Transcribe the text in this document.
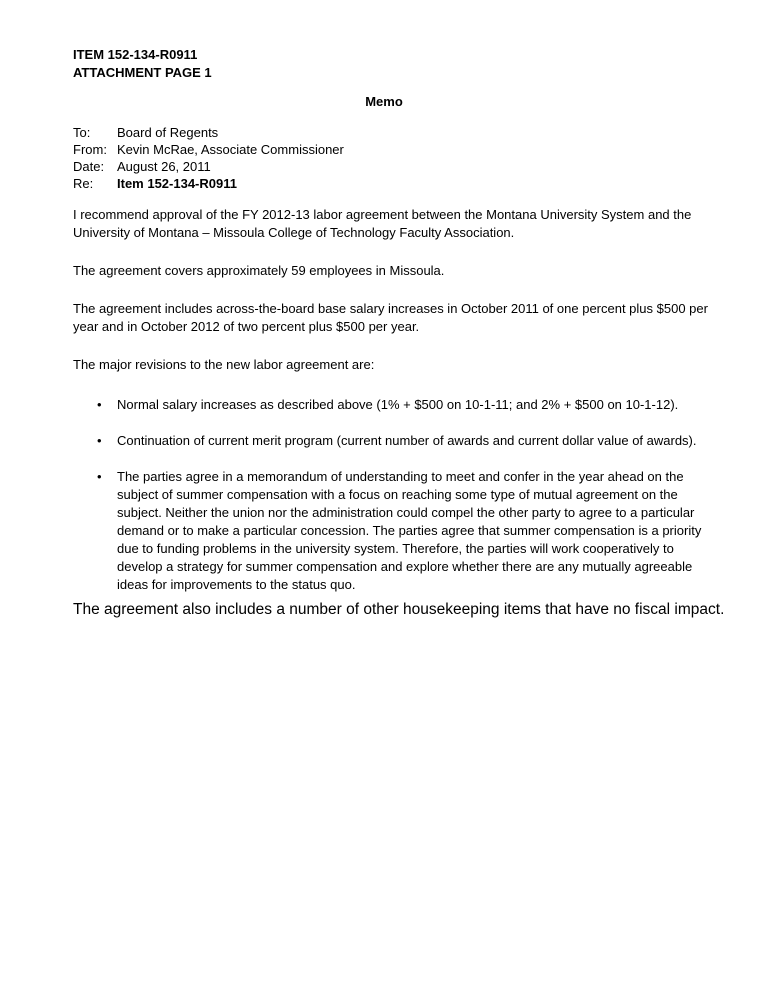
ITEM 152-134-R0911
ATTACHMENT PAGE 1
Memo
To:	Board of Regents
From:	Kevin McRae, Associate Commissioner
Date:	August 26, 2011
Re:	Item 152-134-R0911
I recommend approval of the FY 2012-13 labor agreement between the Montana University System and the University of Montana – Missoula College of Technology Faculty Association.
The agreement covers approximately 59 employees in Missoula.
The agreement includes across-the-board base salary increases in October 2011 of one percent plus $500 per year and in October 2012 of two percent plus $500 per year.
The major revisions to the new labor agreement are:
• Normal salary increases as described above (1% + $500 on 10-1-11; and 2% + $500 on 10-1-12).
• Continuation of current merit program (current number of awards and current dollar value of awards).
• The parties agree in a memorandum of understanding to meet and confer in the year ahead on the subject of summer compensation with a focus on reaching some type of mutual agreement on the subject. Neither the union nor the administration could compel the other party to agree to a particular demand or to make a particular concession. The parties agree that summer compensation is a priority due to funding problems in the university system. Therefore, the parties will work cooperatively to develop a strategy for summer compensation and explore whether there are any mutually agreeable ideas for improvements to the status quo.
The agreement also includes a number of other housekeeping items that have no fiscal impact.
